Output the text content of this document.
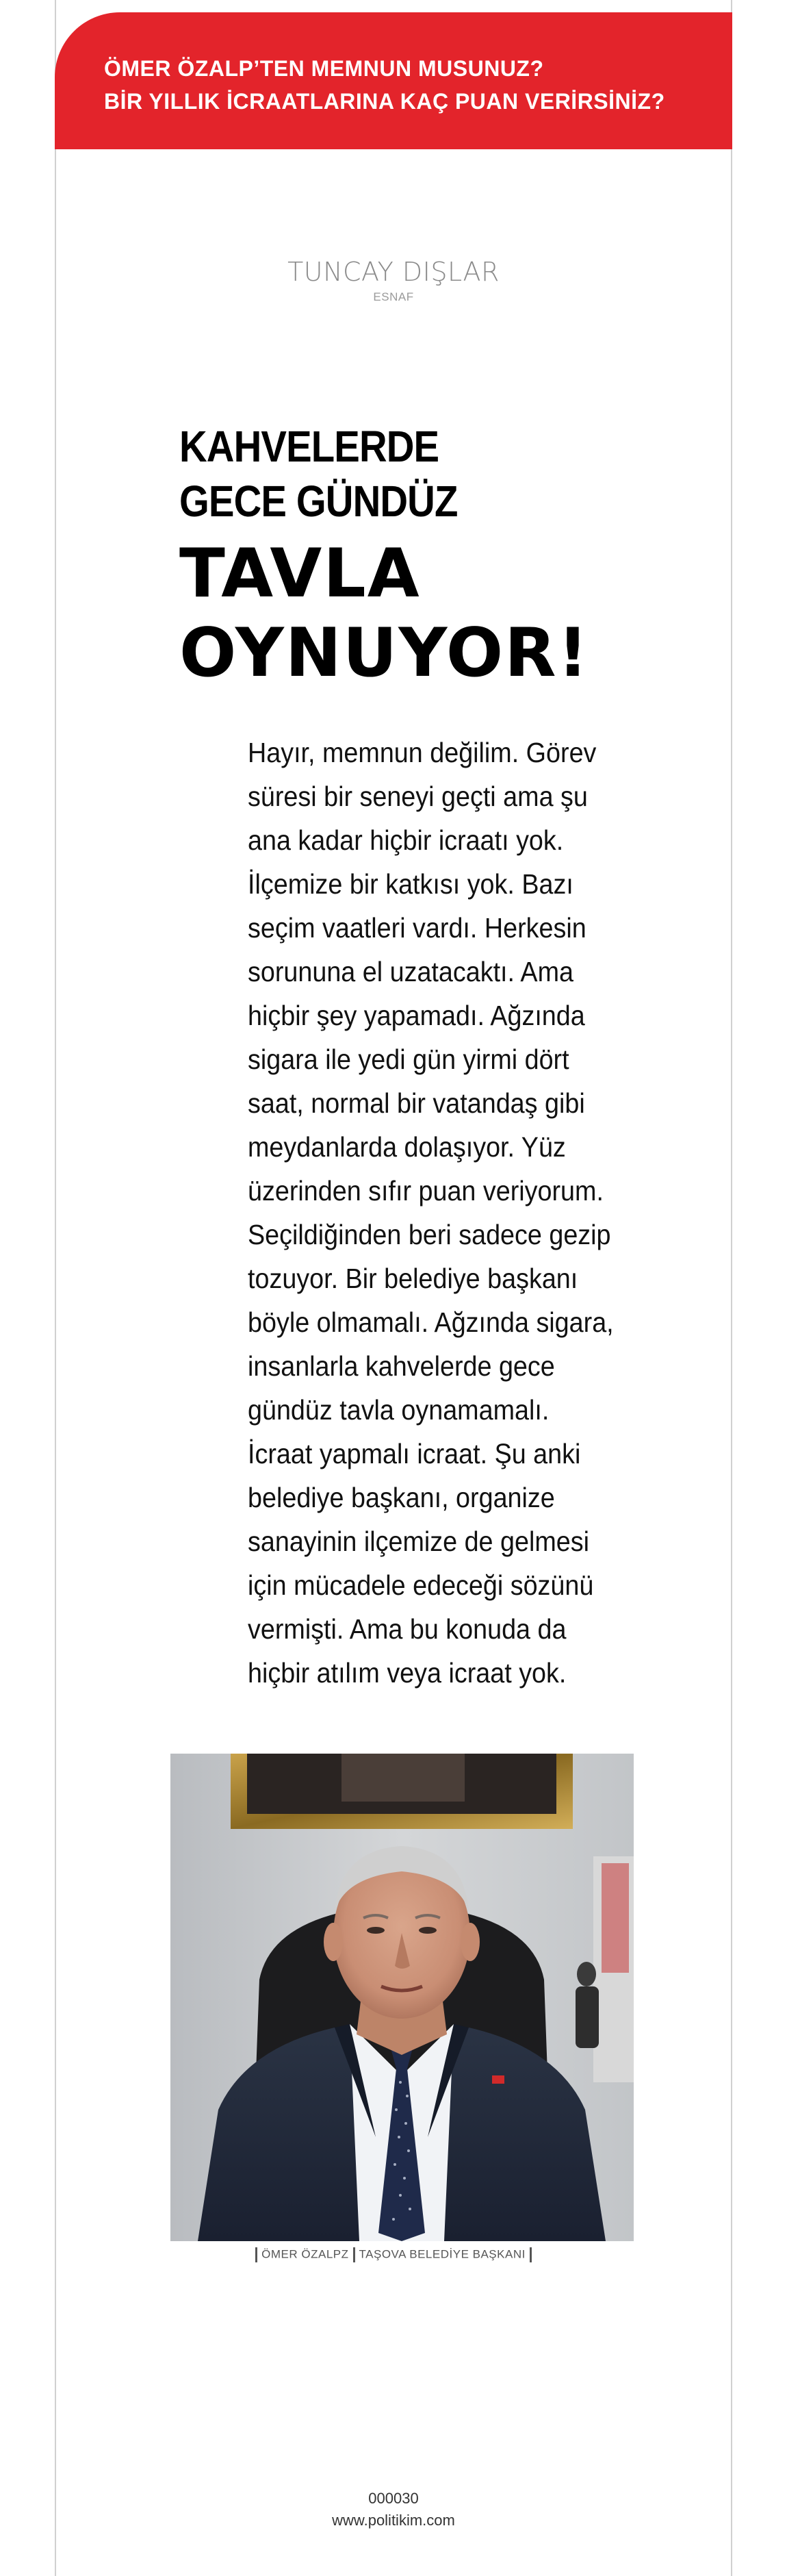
ÖMER ÖZALP’TEN MEMNUN MUSUNUZ?
BİR YILLIK İCRAATLARINA KAÇ PUAN VERİRSİNİZ?
TUNCAY DIŞLAR
ESNAF
KAHVELERDE
GECE GÜNDÜZ
TAVLA
OYNUYOR!

Hayır, memnun değilim. Görev

süresi bir seneyi geçti ama şu

ana kadar hiçbir icraatı yok.

İlçemize bir katkısı yok. Bazı

seçim vaatleri vardı. Herkesin

sorununa el uzatacaktı. Ama

hiçbir şey yapamadı. Ağzında

sigara ile yedi gün yirmi dört

saat, normal bir vatandaş gibi

meydanlarda dolaşıyor. Yüz

üzerinden sıfır puan veriyorum.

Seçildiğinden beri sadece gezip

tozuyor. Bir belediye başkanı

böyle olmamalı. Ağzında sigara,

insanlarla kahvelerde gece

gündüz tavla oynamamalı.

İcraat yapmalı icraat. Şu anki

belediye başkanı, organize

sanayinin ilçemize de gelmesi

için mücadele edeceği sözünü

vermişti. Ama bu konuda da

hiçbir atılım veya icraat yok.

ÖMER ÖZALPZ TAŞOVA BELEDİYE BAŞKANI
000030
www.politikim.com
